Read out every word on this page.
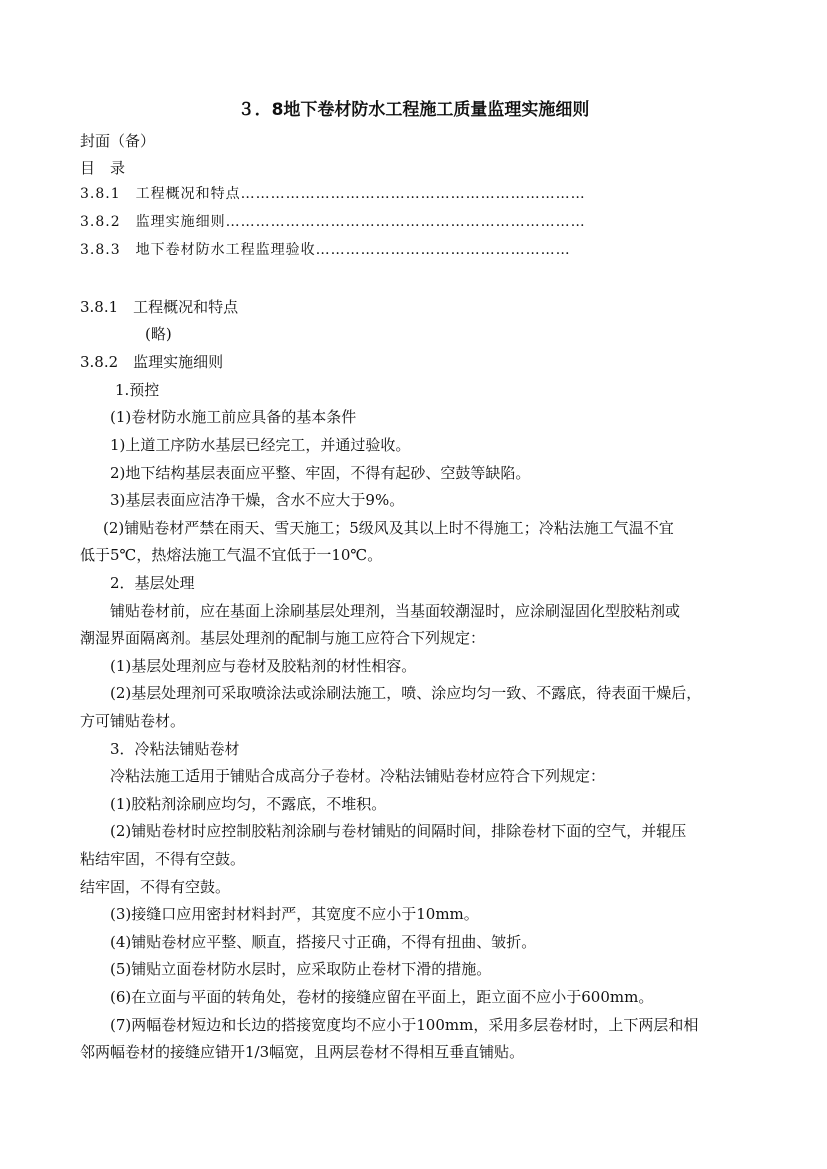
３．8地下卷材防水工程施工质量监理实施细则
封面（备）
目　录
3.8.1　工程概况和特点……………………………………………………………
3.8.2　监理实施细则………………………………………………………………
3.8.3　地下卷材防水工程监理验收……………………………………………
3.8.1　工程概况和特点
(略)
3.8.2　监理实施细则
1.预控
(1)卷材防水施工前应具备的基本条件
1)上道工序防水基层已经完工，并通过验收。
2)地下结构基层表面应平整、牢固，不得有起砂、空鼓等缺陷。
3)基层表面应洁净干燥，含水不应大于9%。
(2)铺贴卷材严禁在雨天、雪天施工；5级风及其以上时不得施工；冷粘法施工气温不宜
低于5℃，热熔法施工气温不宜低于一10℃。
2．基层处理
铺贴卷材前，应在基面上涂刷基层处理剂，当基面较潮湿时，应涂刷湿固化型胶粘剂或
潮湿界面隔离剂。基层处理剂的配制与施工应符合下列规定：
(1)基层处理剂应与卷材及胶粘剂的材性相容。
(2)基层处理剂可采取喷涂法或涂刷法施工，喷、涂应均匀一致、不露底，待表面干燥后，
方可铺贴卷材。
3．冷粘法铺贴卷材
冷粘法施工适用于铺贴合成高分子卷材。冷粘法铺贴卷材应符合下列规定：
(1)胶粘剂涂刷应均匀，不露底，不堆积。
(2)铺贴卷材时应控制胶粘剂涂刷与卷材铺贴的间隔时间，排除卷材下面的空气，并辊压
粘结牢固，不得有空鼓。
结牢固，不得有空鼓。
(3)接缝口应用密封材料封严，其宽度不应小于10mm。
(4)铺贴卷材应平整、顺直，搭接尺寸正确，不得有扭曲、皱折。
(5)铺贴立面卷材防水层时，应采取防止卷材下滑的措施。
(6)在立面与平面的转角处，卷材的接缝应留在平面上，距立面不应小于600mm。
(7)两幅卷材短边和长边的搭接宽度均不应小于100mm，采用多层卷材时，上下两层和相
邻两幅卷材的接缝应错开1/3幅宽，且两层卷材不得相互垂直铺贴。
